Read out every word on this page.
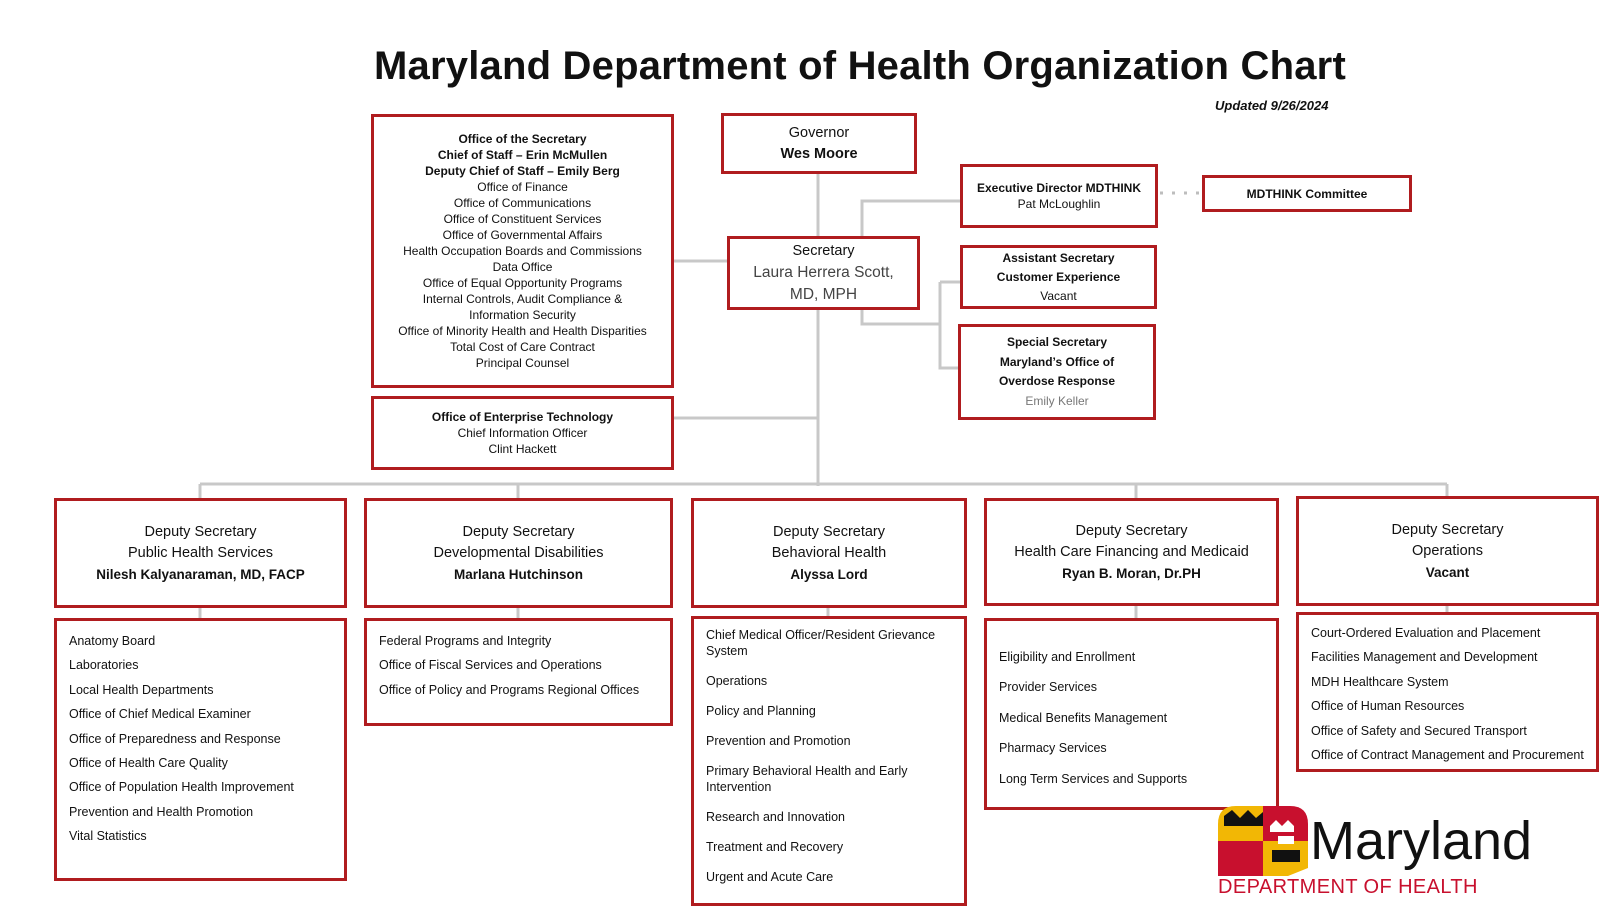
Maryland Department of Health Organization Chart
Updated 9/26/2024
Office of the Secretary
Chief of Staff – Erin McMullen
Deputy Chief of Staff – Emily Berg
Office of Finance
Office of Communications
Office of Constituent Services
Office of Governmental Affairs
Health Occupation Boards and Commissions
Data Office
Office of Equal Opportunity Programs
Internal Controls, Audit Compliance &
Information Security
Office of Minority Health and Health Disparities
Total Cost of Care Contract
Principal Counsel
Office of Enterprise Technology
Chief Information Officer
Clint Hackett
Governor
Wes Moore
Secretary
Laura Herrera Scott,
MD, MPH
Executive Director MDTHINK
Pat McLoughlin
MDTHINK Committee
Assistant Secretary
Customer Experience
Vacant
Special Secretary
Maryland’s Office of
Overdose Response
Emily Keller
Deputy Secretary
Public Health Services
Nilesh Kalyanaraman, MD, FACP
Deputy Secretary
Developmental Disabilities
Marlana Hutchinson
Deputy Secretary
Behavioral Health
Alyssa Lord
Deputy Secretary
Health Care Financing and Medicaid
Ryan B. Moran, Dr.PH
Deputy Secretary
Operations
Vacant
Anatomy Board
Laboratories
Local Health Departments
Office of Chief Medical Examiner
Office of Preparedness and Response
Office of Health Care Quality
Office of Population Health Improvement
Prevention and Health Promotion
Vital Statistics
Federal Programs and Integrity
Office of Fiscal Services and Operations
Office of Policy and Programs Regional Offices
Chief Medical Officer/Resident Grievance System
Operations
Policy and Planning
Prevention and Promotion
Primary Behavioral Health and Early Intervention
Research and Innovation
Treatment and Recovery
Urgent and Acute Care
Eligibility and Enrollment
Provider Services
Medical Benefits Management
Pharmacy Services
Long Term Services and Supports
Court-Ordered Evaluation and Placement
Facilities Management and Development
MDH Healthcare System
Office of Human Resources
Office of Safety and Secured Transport
Office of Contract Management and Procurement
Maryland
DEPARTMENT OF HEALTH
